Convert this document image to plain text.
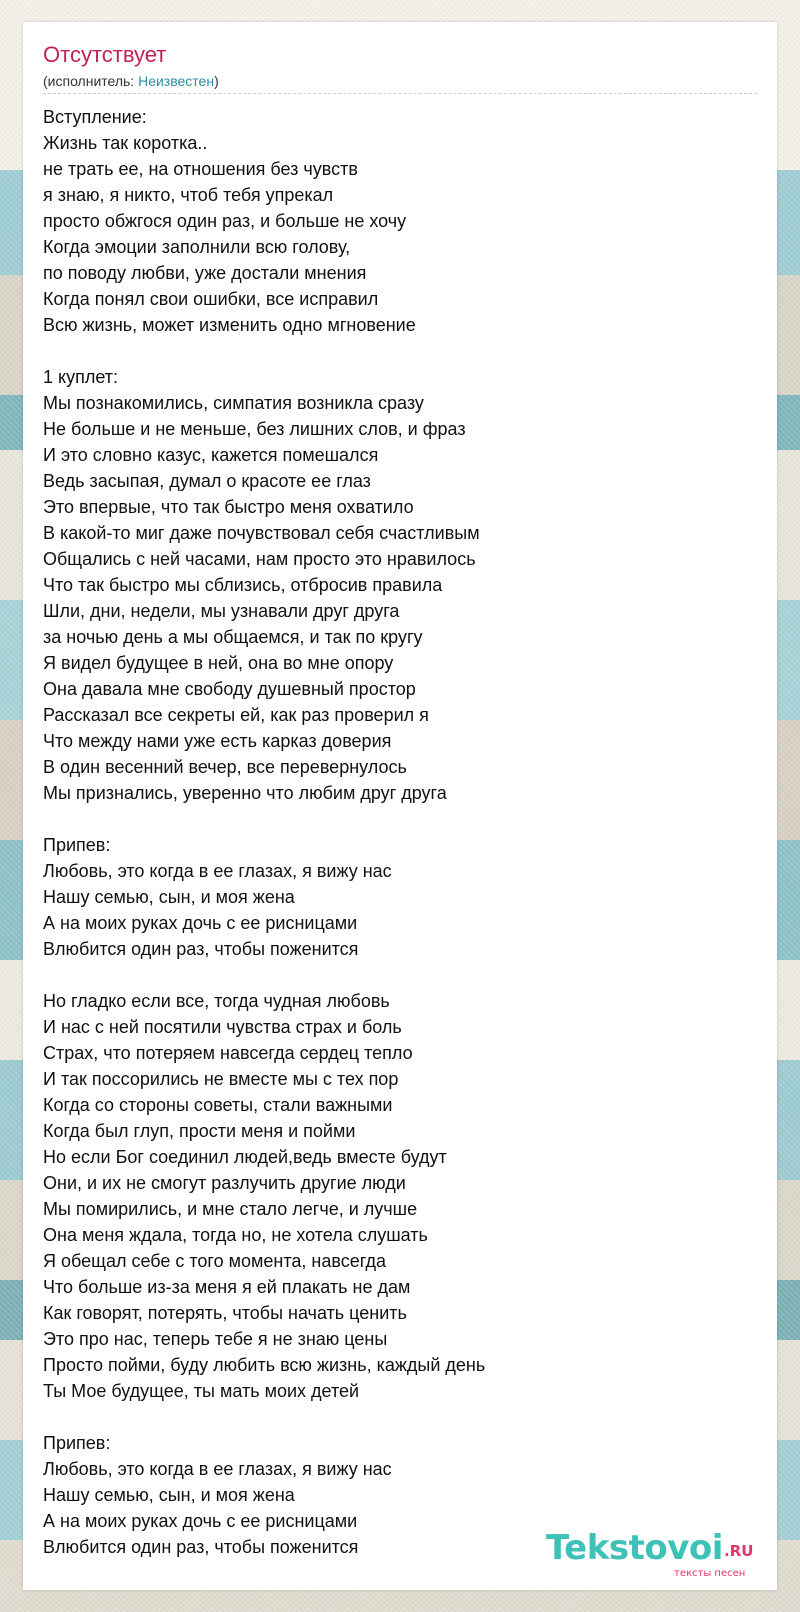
Отсутствует
(исполнитель: Неизвестен)
Вступление:
Жизнь так коротка..
не трать ее, на отношения без чувств
я знаю, я никто, чтоб тебя упрекал
просто обжгоcя один раз, и больше не хочу
Когда эмоции заполнили всю голову,
по поводу любви, уже достали мнения
Когда понял свои ошибки, все исправил
Всю жизнь, может изменить одно мгновение

1 куплет:
Мы познакомились, симпатия возникла сразу
Не больше и не меньше, без лишних слов, и фраз
И это словно казус, кажется помешался
Ведь засыпая, думал о красоте ее глаз
Это впервые, что так быстро меня охватило
В какой-то миг даже почувствовал себя счастливым
Общались с ней часами, нам просто это нравилось
Что так быстро мы сблизись, отбросив правила
Шли, дни, недели, мы узнавали друг друга
за ночью день а мы общаемся, и так по кругу
Я видел будущее в ней, она во мне опору
Она давала мне свободу душевный простор
Рассказал все секреты ей, как раз проверил я
Что между нами уже есть карказ доверия
В один весенний вечер, все перевернулось
Мы признались, уверенно что любим друг друга

Припев:
Любовь, это когда в ее глазах, я вижу нас
Нашу семью, сын, и моя жена
А на моих руках дочь с ее рисницами
Влюбится один раз, чтобы поженится

Но гладко если все, тогда чудная любовь
И нас с ней посятили чувства страх и боль
Страх, что потеряем навсегда сердец тепло
И так поссорились не вместе мы с тех пор
Когда со стороны советы, стали важными
Когда был глуп, прости меня и пойми
Но если Бог соединил людей,ведь вместе будут
Они, и их не смогут разлучить другие люди
Мы помирились, и мне стало легче, и лучше
Она меня ждала, тогда но, не хотела слушать
Я обещал себе с того момента, навсегда
Что больше из-за меня я ей плакать не дам
Как говорят, потерять, чтобы начать ценить
Это про нас, теперь тебе я не знаю цены
Просто пойми, буду любить всю жизнь, каждый день
Ты Мое будущее, ты мать моих детей

Припев:
Любовь, это когда в ее глазах, я вижу нас
Нашу семью, сын, и моя жена
А на моих руках дочь с ее рисницами
Влюбится один раз, чтобы поженится	Tekstovoi .RU
тексты песен
